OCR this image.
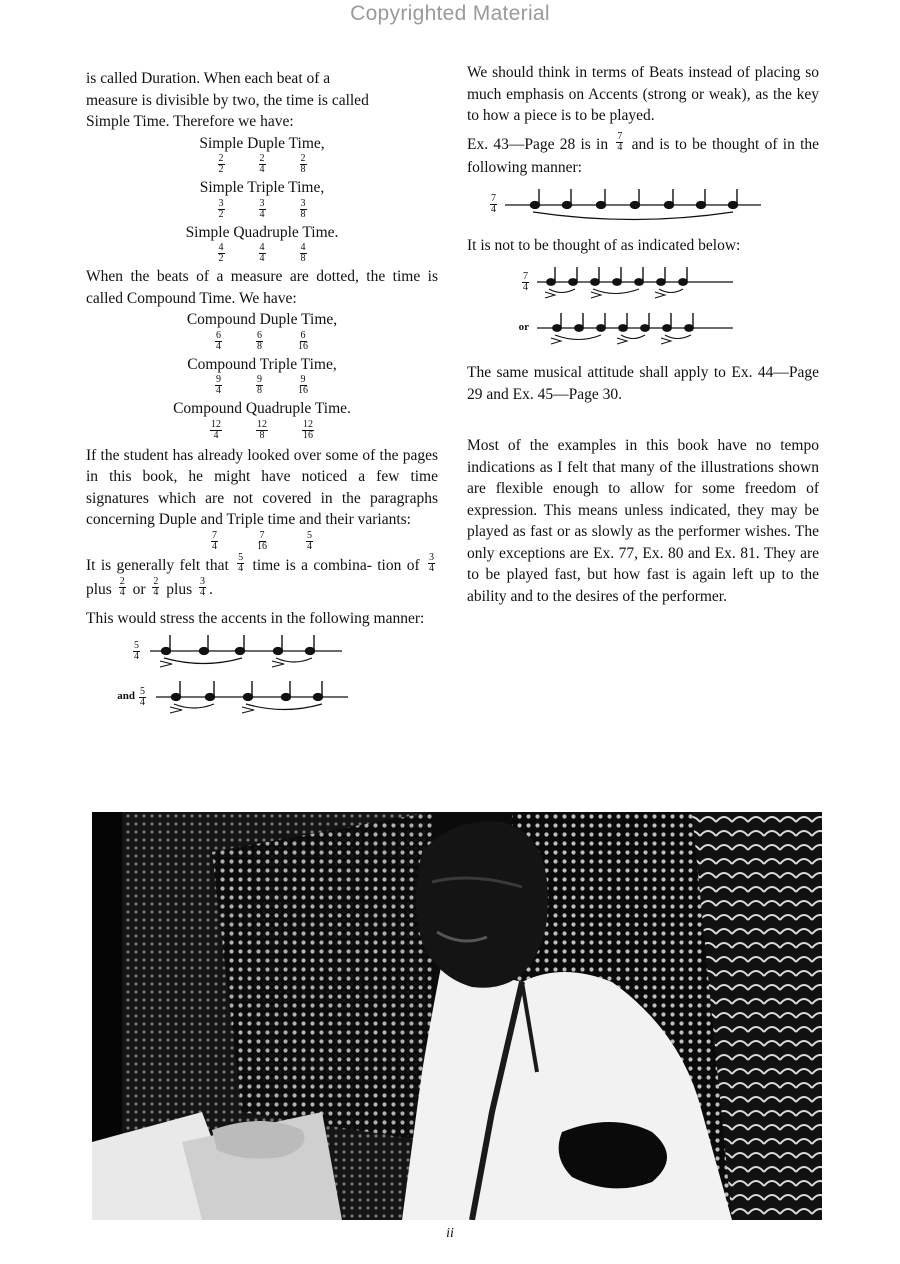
Copyrighted Material

is called Duration. When each beat of a
measure is divisible by two, the time is called
Simple Time. Therefore we have:

Simple Duple Time,

$\frac{2}{2}$	$\frac{2}{4}$	$\frac{2}{8}$

Simple Triple Time,

$\frac{3}{2}$	$\frac{3}{4}$	$\frac{3}{8}$

Simple Quadruple Time.

$\frac{4}{2}$	$\frac{4}{4}$	$\frac{4}{8}$

When the beats of a measure are dotted, the time is called Compound Time. We have:

Compound Duple Time,

$\frac{6}{4}$	$\frac{6}{8}$	$\frac{6}{16}$

Compound Triple Time,

$\frac{9}{4}$	$\frac{9}{8}$	$\frac{9}{16}$

Compound Quadruple Time.

$\frac{12}{4}$	$\frac{12}{8}$	$\frac{12}{16}$

If the student has already looked over some of the pages in this book, he might have noticed a few time signatures which are not covered in the paragraphs concerning Duple and Triple time and their variants:

$\frac{7}{4}$	$\frac{7}{16}$	$\frac{5}{4}$

It is generally felt that $\frac{5}{4}$ time is a combina- tion of $\frac{3}{4}$
plus $\frac{2}{4}$ or $\frac{2}{4}$ plus $\frac{3}{4}$ .

This would stress the accents in the following manner:

$\frac{5}{4}$
and $\frac{5}{4}$

We should think in terms of Beats instead of placing so much emphasis on Accents (strong or weak), as the key to how a piece is to be played.

Ex. 43—Page 28 is in $\frac{7}{4}$ and is to be thought of in the following manner:

$\frac{7}{4}$

It is not to be thought of as indicated below:

$\frac{7}{4}$
or

The same musical attitude shall apply to Ex. 44—Page 29 and Ex. 45—Page 30.

Most of the examples in this book have no tempo indications as I felt that many of the illustrations shown are flexible enough to allow for some freedom of expression. This means unless indicated, they may be played as fast or as slowly as the performer wishes. The only exceptions are Ex. 77, Ex. 80 and Ex. 81. They are to be played fast, but how fast is again left up to the ability and to the desires of the performer.

ii
